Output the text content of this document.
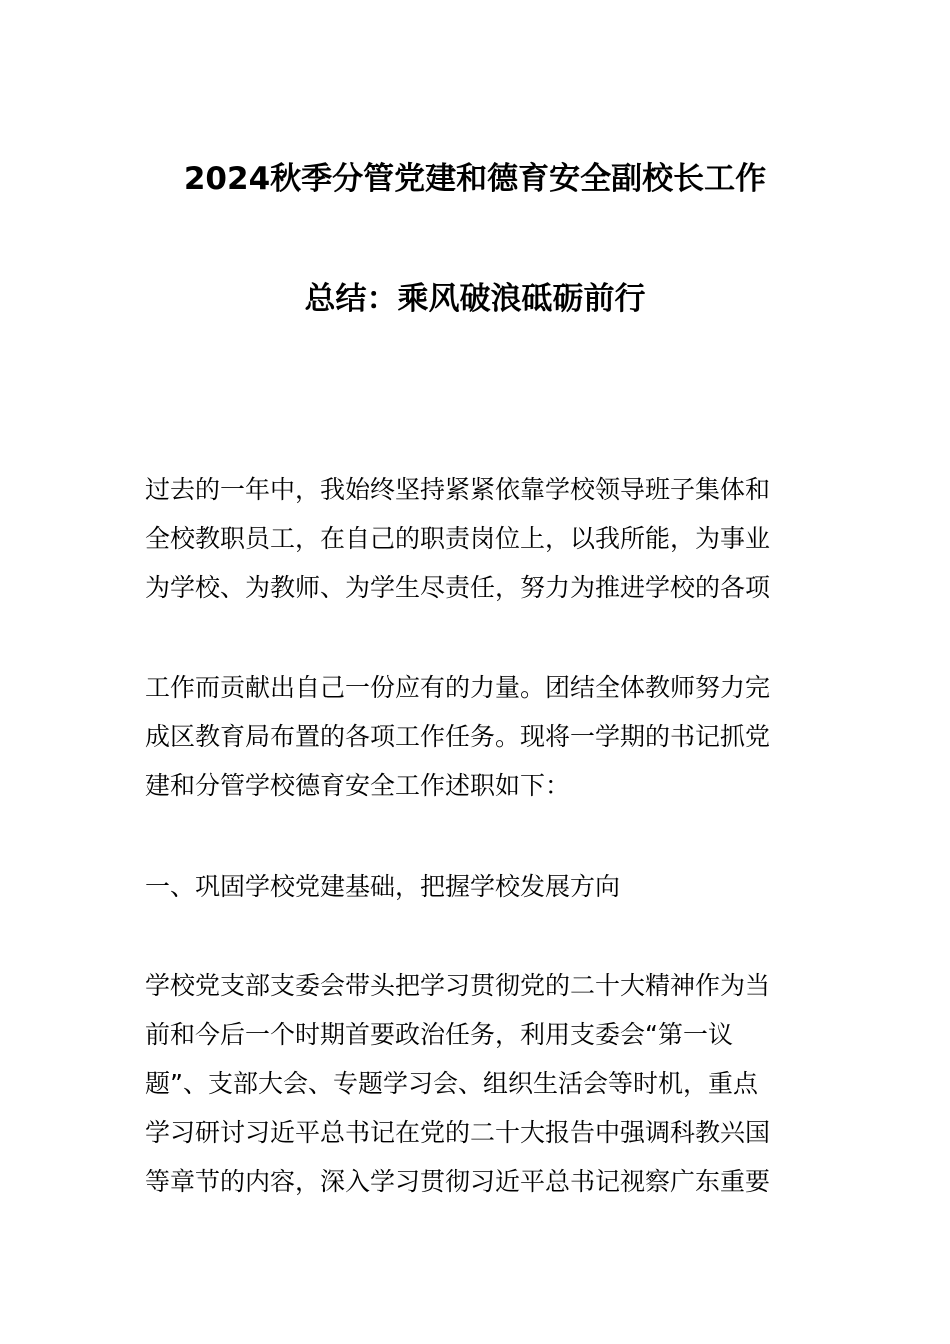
2024秋季分管党建和德育安全副校长工作
总结：乘风破浪砥砺前行

过去的一年中，我始终坚持紧紧依靠学校领导班子集体和
全校教职员工，在自己的职责岗位上，以我所能，为事业
为学校、为教师、为学生尽责任，努力为推进学校的各项

工作而贡献出自己一份应有的力量。团结全体教师努力完
成区教育局布置的各项工作任务。现将一学期的书记抓党
建和分管学校德育安全工作述职如下：

一、巩固学校党建基础，把握学校发展方向

学校党支部支委会带头把学习贯彻党的二十大精神作为当
前和今后一个时期首要政治任务，利用支委会“第一议
题”、支部大会、专题学习会、组织生活会等时机，重点
学习研讨习近平总书记在党的二十大报告中强调科教兴国
等章节的内容，深入学习贯彻习近平总书记视察广东重要
